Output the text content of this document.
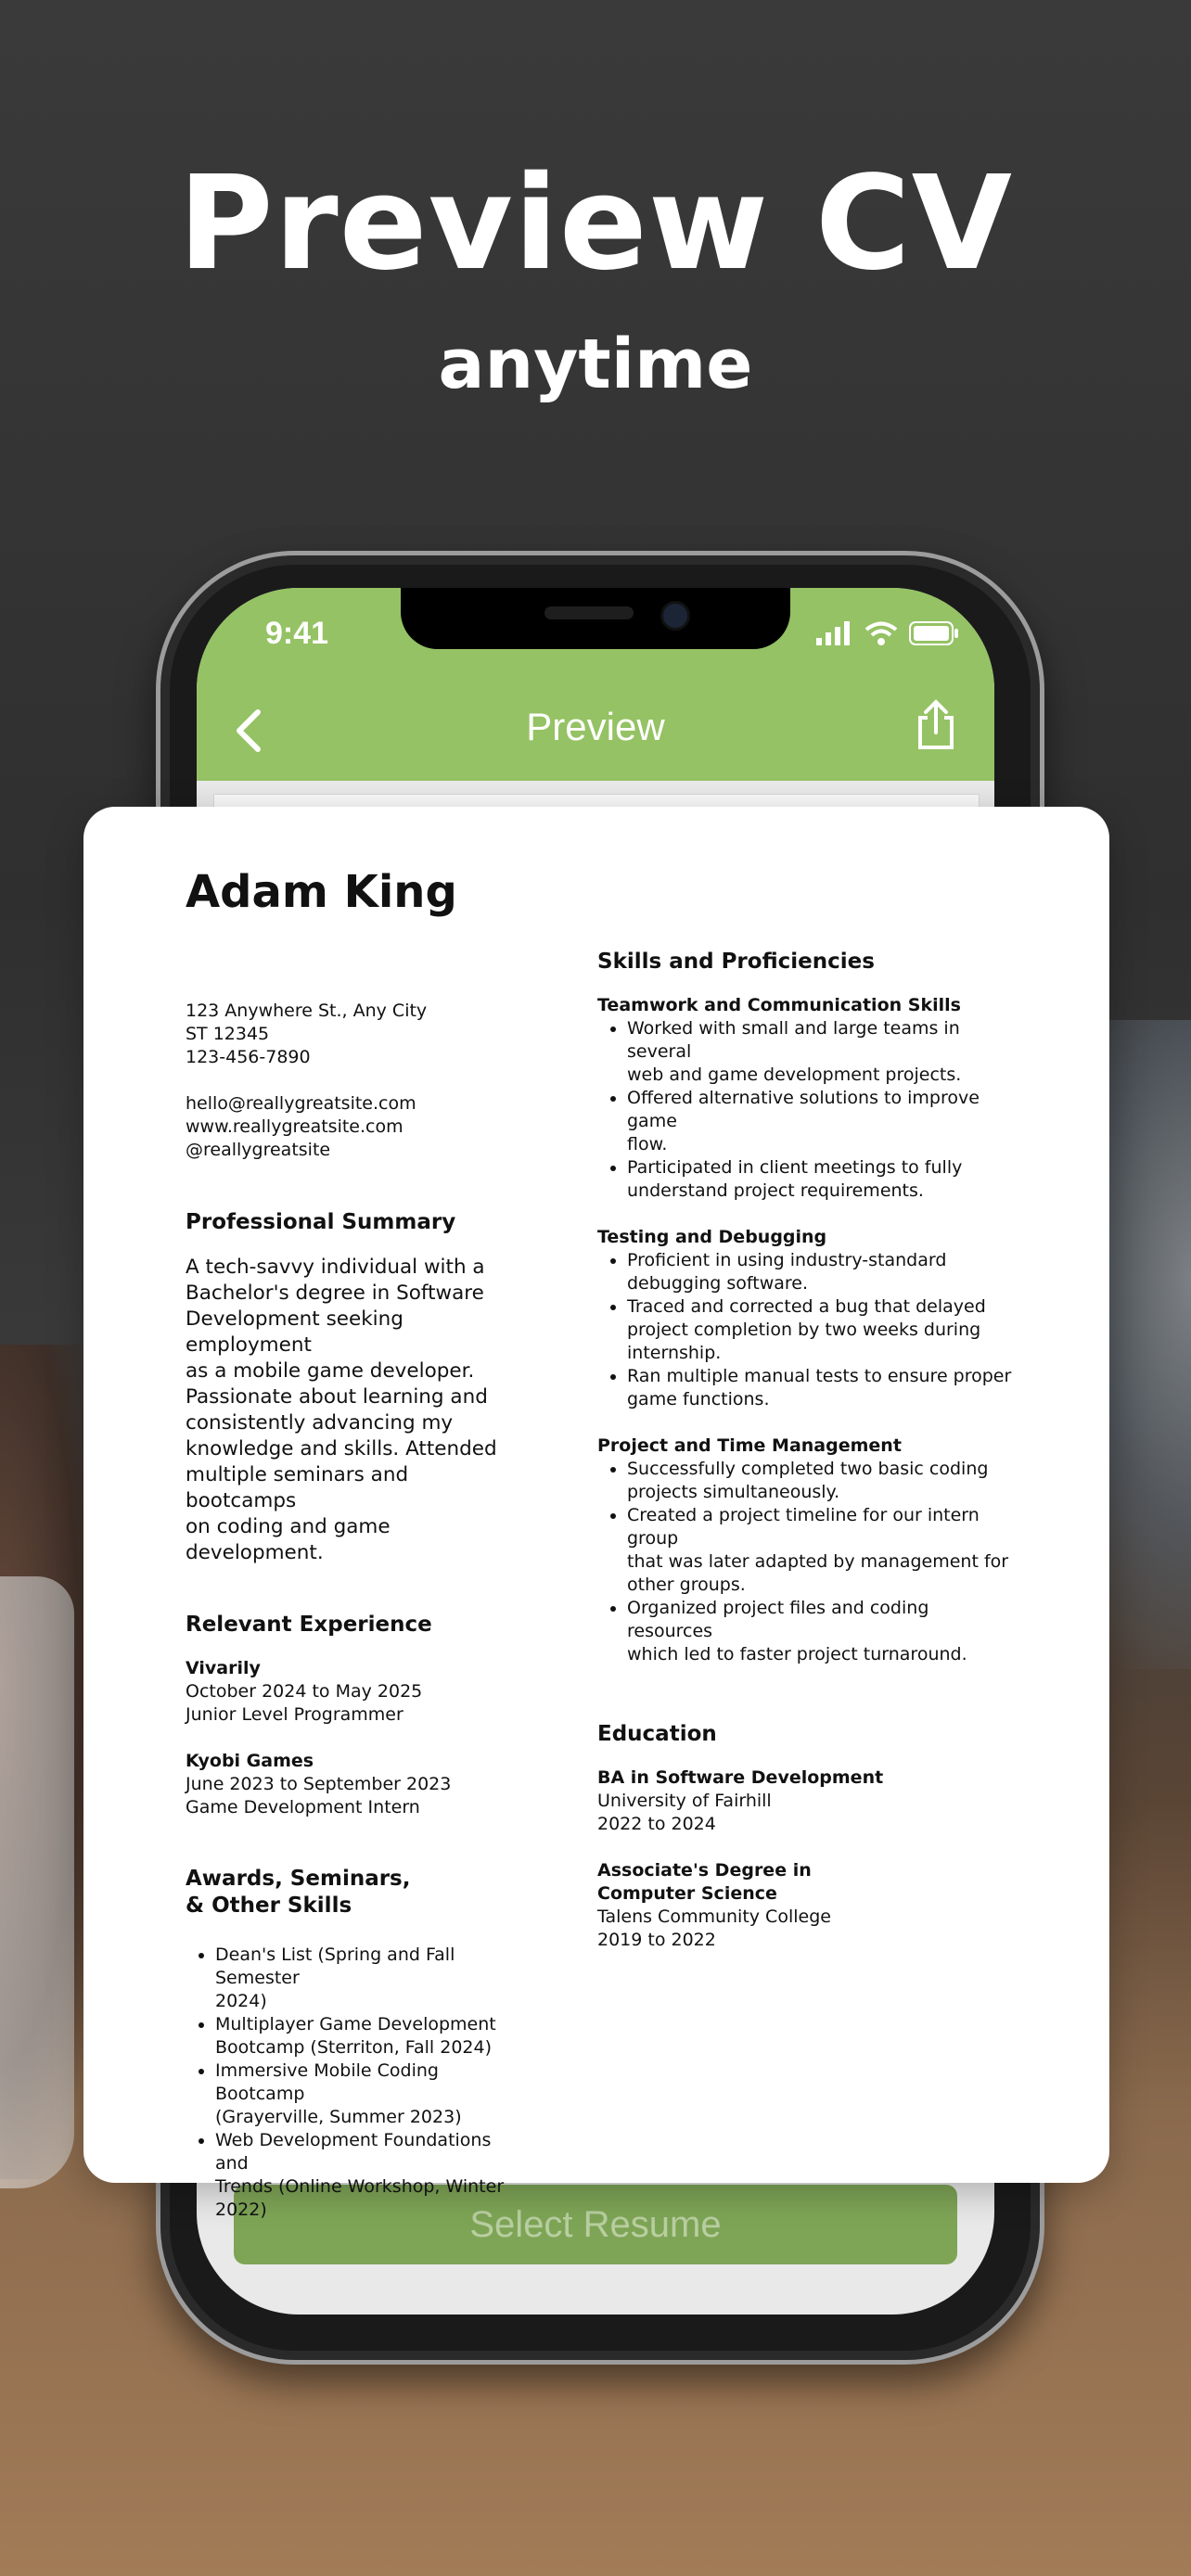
Preview CV
anytime
9:41
Preview
Select Resume
Adam King
123 Anywhere St., Any City
ST 12345
123-456-7890
hello@reallygreatsite.com
www.reallygreatsite.com
@reallygreatsite
Professional Summary
A tech-savvy individual with a
Bachelor's degree in Software
Development seeking employment
as a mobile game developer.
Passionate about learning and
consistently advancing my
knowledge and skills. Attended
multiple seminars and bootcamps
on coding and game development.
Relevant Experience
Vivarily
October 2024 to May 2025
Junior Level Programmer
Kyobi Games
June 2023 to September 2023
Game Development Intern
Awards, Seminars,
& Other Skills
• Dean's List (Spring and Fall Semester
2024)
• Multiplayer Game Development
Bootcamp (Sterriton, Fall 2024)
• Immersive Mobile Coding Bootcamp
(Grayerville, Summer 2023)
• Web Development Foundations and
Trends (Online Workshop, Winter
2022)
Skills and Proficiencies
Teamwork and Communication Skills
• Worked with small and large teams in several
web and game development projects.
• Offered alternative solutions to improve game
flow.
• Participated in client meetings to fully
understand project requirements.
Testing and Debugging
• Proficient in using industry-standard
debugging software.
• Traced and corrected a bug that delayed
project completion by two weeks during
internship.
• Ran multiple manual tests to ensure proper
game functions.
Project and Time Management
• Successfully completed two basic coding
projects simultaneously.
• Created a project timeline for our intern group
that was later adapted by management for
other groups.
• Organized project files and coding resources
which led to faster project turnaround.
Education
BA in Software Development
University of Fairhill
2022 to 2024
Associate's Degree in
Computer Science
Talens Community College
2019 to 2022
